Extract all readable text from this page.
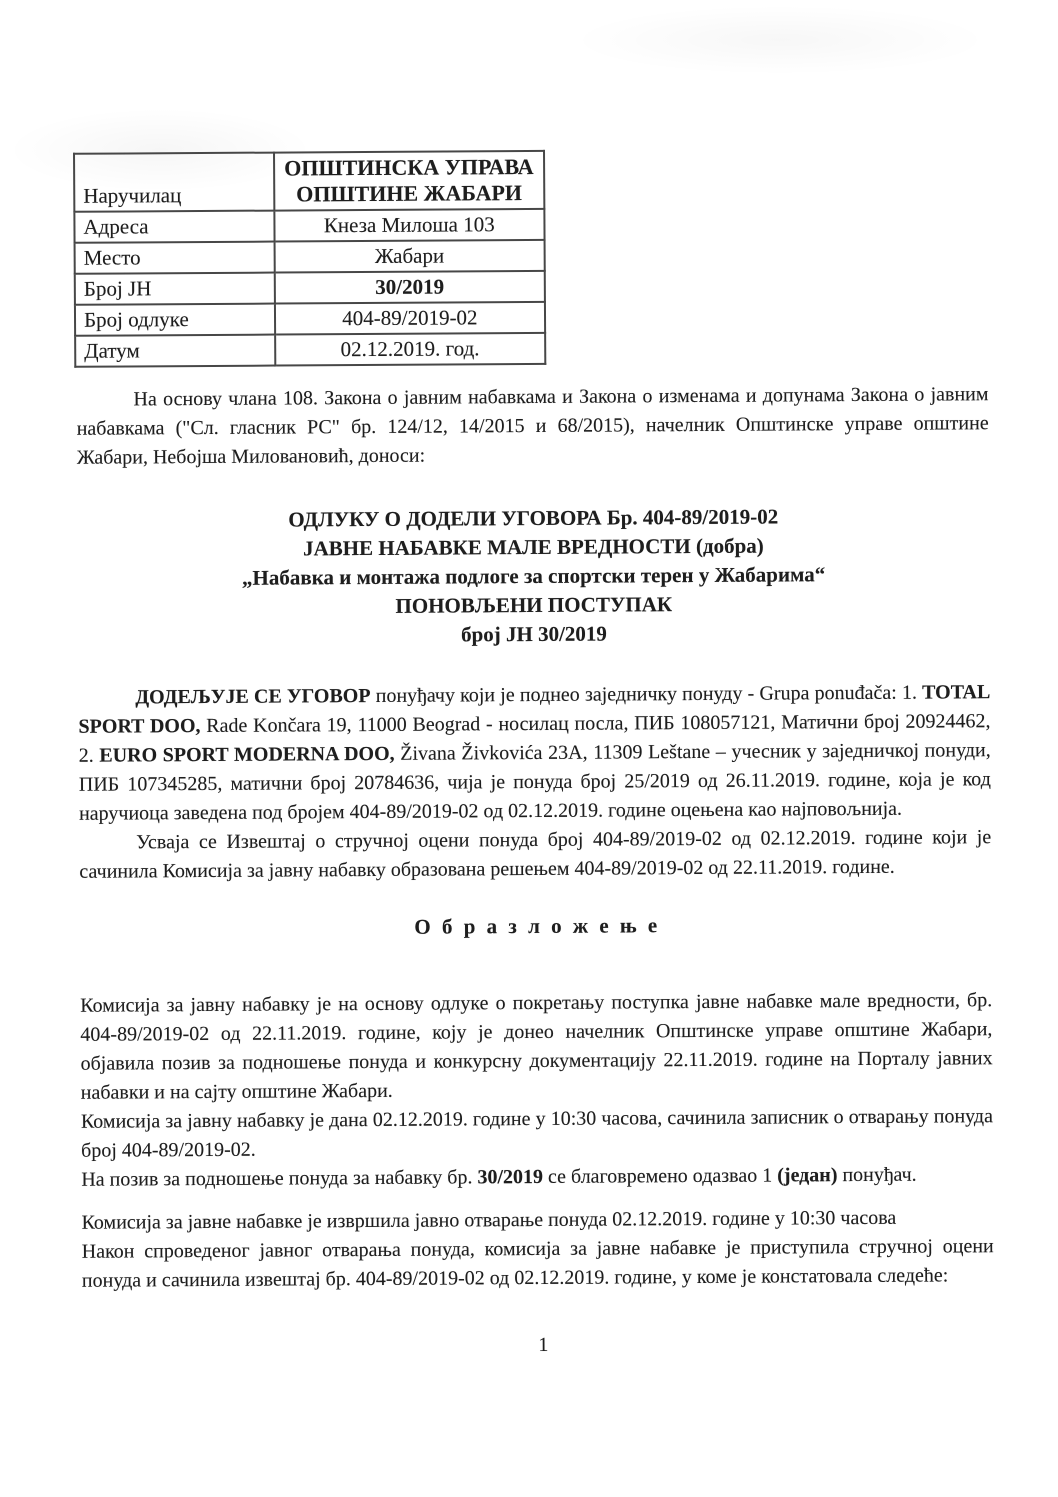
Наручилац	ОПШТИНСКА УПРАВА ОПШТИНЕ ЖАБАРИ
Адреса	Кнеза Милоша 103
Место	Жабари
Број ЈН	30/2019
Број одлуке	404-89/2019-02
Датум	02.12.2019. год.

На основу члана 108. Закона о јавним набавкама и Закона о изменама и допунама Закона о јавним набавкама ("Сл. гласник РС" бр. 124/12, 14/2015 и 68/2015), начелник Општинске управе општине Жабари, Небојша Миловановић, доноси:

ОДЛУКУ О ДОДЕЛИ УГОВОРА Бр. 404-89/2019-02
ЈАВНЕ НАБАВКЕ МАЛЕ ВРЕДНОСТИ (добра)
„Набавка и монтажа подлоге за спортски терен у Жабарима“
ПОНОВЉЕНИ ПОСТУПАК
број ЈН 30/2019

ДОДЕЉУЈЕ СЕ УГОВОР понуђачу који је поднео заједничку понуду - Grupa ponuđača: 1. TOTAL SPORT DOO, Rade Končara 19, 11000 Beograd - носилац посла, ПИБ 108057121, Матични број 20924462, 2. EURO SPORT MODERNA DOO, Živana Živkovića 23A, 11309 Leštane – учесник у заједничкој понуди, ПИБ 107345285, матични број 20784636, чија је понуда број 25/2019 од 26.11.2019. године, која је код наручиоца заведена под бројем 404-89/2019-02 од 02.12.2019. године оцењена као најповољнија.

Усваја се Извештај о стручној оцени понуда број 404-89/2019-02 од 02.12.2019. године који је сачинила Комисија за јавну набавку образована решењем 404-89/2019-02 од 22.11.2019. године.

О б р а з л о ж е њ е

Комисија за јавну набавку је на основу одлуке о покретању поступка јавне набавке мале вредности, бр. 404-89/2019-02 од 22.11.2019. године, коју је донео начелник Општинске управе општине Жабари, објавила позив за подношење понуда и конкурсну документацију 22.11.2019. године на Порталу јавних набавки и на сајту општине Жабари.

Комисија за јавну набавку је дана 02.12.2019. године у 10:30 часова, сачинила записник о отварању понуда број 404-89/2019-02.

На позив за подношење понуда за набавку бр. 30/2019 се благовремено одазвао 1 (један) понуђач.

Комисија за јавне набавке је извршила јавно отварање понуда 02.12.2019. године у 10:30 часова

Након спроведеног јавног отварања понуда, комисија за јавне набавке је приступила стручној оцени понуда и сачинила извештај бр. 404-89/2019-02 од 02.12.2019. године, у коме је констатовала следеће:

1
